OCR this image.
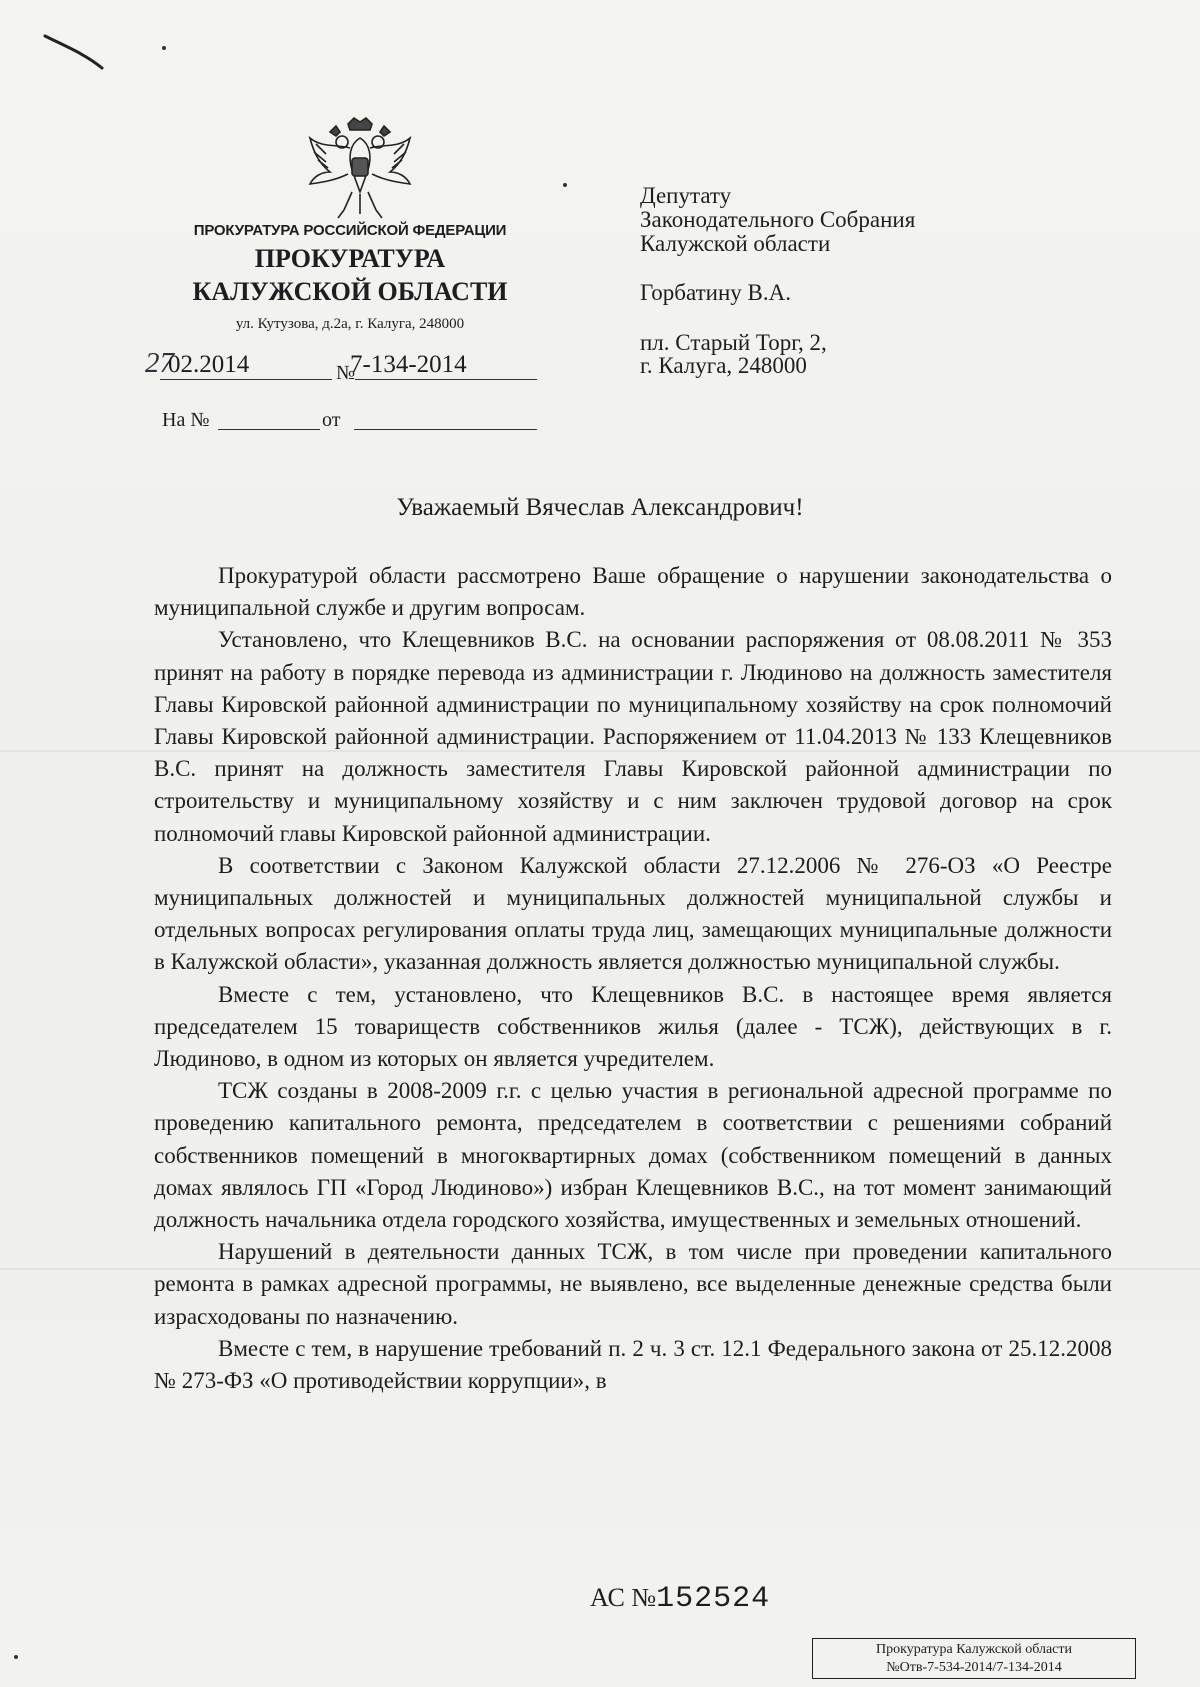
ПРОКУРАТУРА РОССИЙСКОЙ ФЕДЕРАЦИИ
ПРОКУРАТУРА
КАЛУЖСКОЙ ОБЛАСТИ
ул. Кутузова, д.2а, г. Калуга, 248000
27
02.2014	№
7-134-2014
На №	от
Депутату
Законодательного Собрания
Калужской области
Горбатину В.А.
пл. Старый Торг, 2,
г. Калуга, 248000
Уважаемый Вячеслав Александрович!

Прокуратурой области рассмотрено Ваше обращение о нарушении законодательства о муниципальной службе и другим вопросам.

Установлено, что Клещевников В.С. на основании распоряжения от 08.08.2011 № 353 принят на работу в порядке перевода из администрации г. Людиново на должность заместителя Главы Кировской районной администрации по муниципальному хозяйству на срок полномочий Главы Кировской районной администрации. Распоряжением от 11.04.2013 № 133 Клещевников В.С. принят на должность заместителя Главы Кировской районной администрации по строительству и муниципальному хозяйству и с ним заключен трудовой договор на срок полномочий главы Кировской районной администрации.

В соответствии с Законом Калужской области 27.12.2006 № 276-ОЗ «О Реестре муниципальных должностей и муниципальных должностей муниципальной службы и отдельных вопросах регулирования оплаты труда лиц, замещающих муниципальные должности в Калужской области», указанная должность является должностью муниципальной службы.

Вместе с тем, установлено, что Клещевников В.С. в настоящее время является председателем 15 товариществ собственников жилья (далее - ТСЖ), действующих в г. Людиново, в одном из которых он является учредителем.

ТСЖ созданы в 2008-2009 г.г. с целью участия в региональной адресной программе по проведению капитального ремонта, председателем в соответствии с решениями собраний собственников помещений в многоквартирных домах (собственником помещений в данных домах являлось ГП «Город Людиново») избран Клещевников В.С., на тот момент занимающий должность начальника отдела городского хозяйства, имущественных и земельных отношений.

Нарушений в деятельности данных ТСЖ, в том числе при проведении капитального ремонта в рамках адресной программы, не выявлено, все выделенные денежные средства были израсходованы по назначению.

Вместе с тем, в нарушение требований п. 2 ч. 3 ст. 12.1 Федерального закона от 25.12.2008 № 273-ФЗ «О противодействии коррупции», в

АС №152524
Прокуратура Калужской области
№Отв-7-534-2014/7-134-2014
